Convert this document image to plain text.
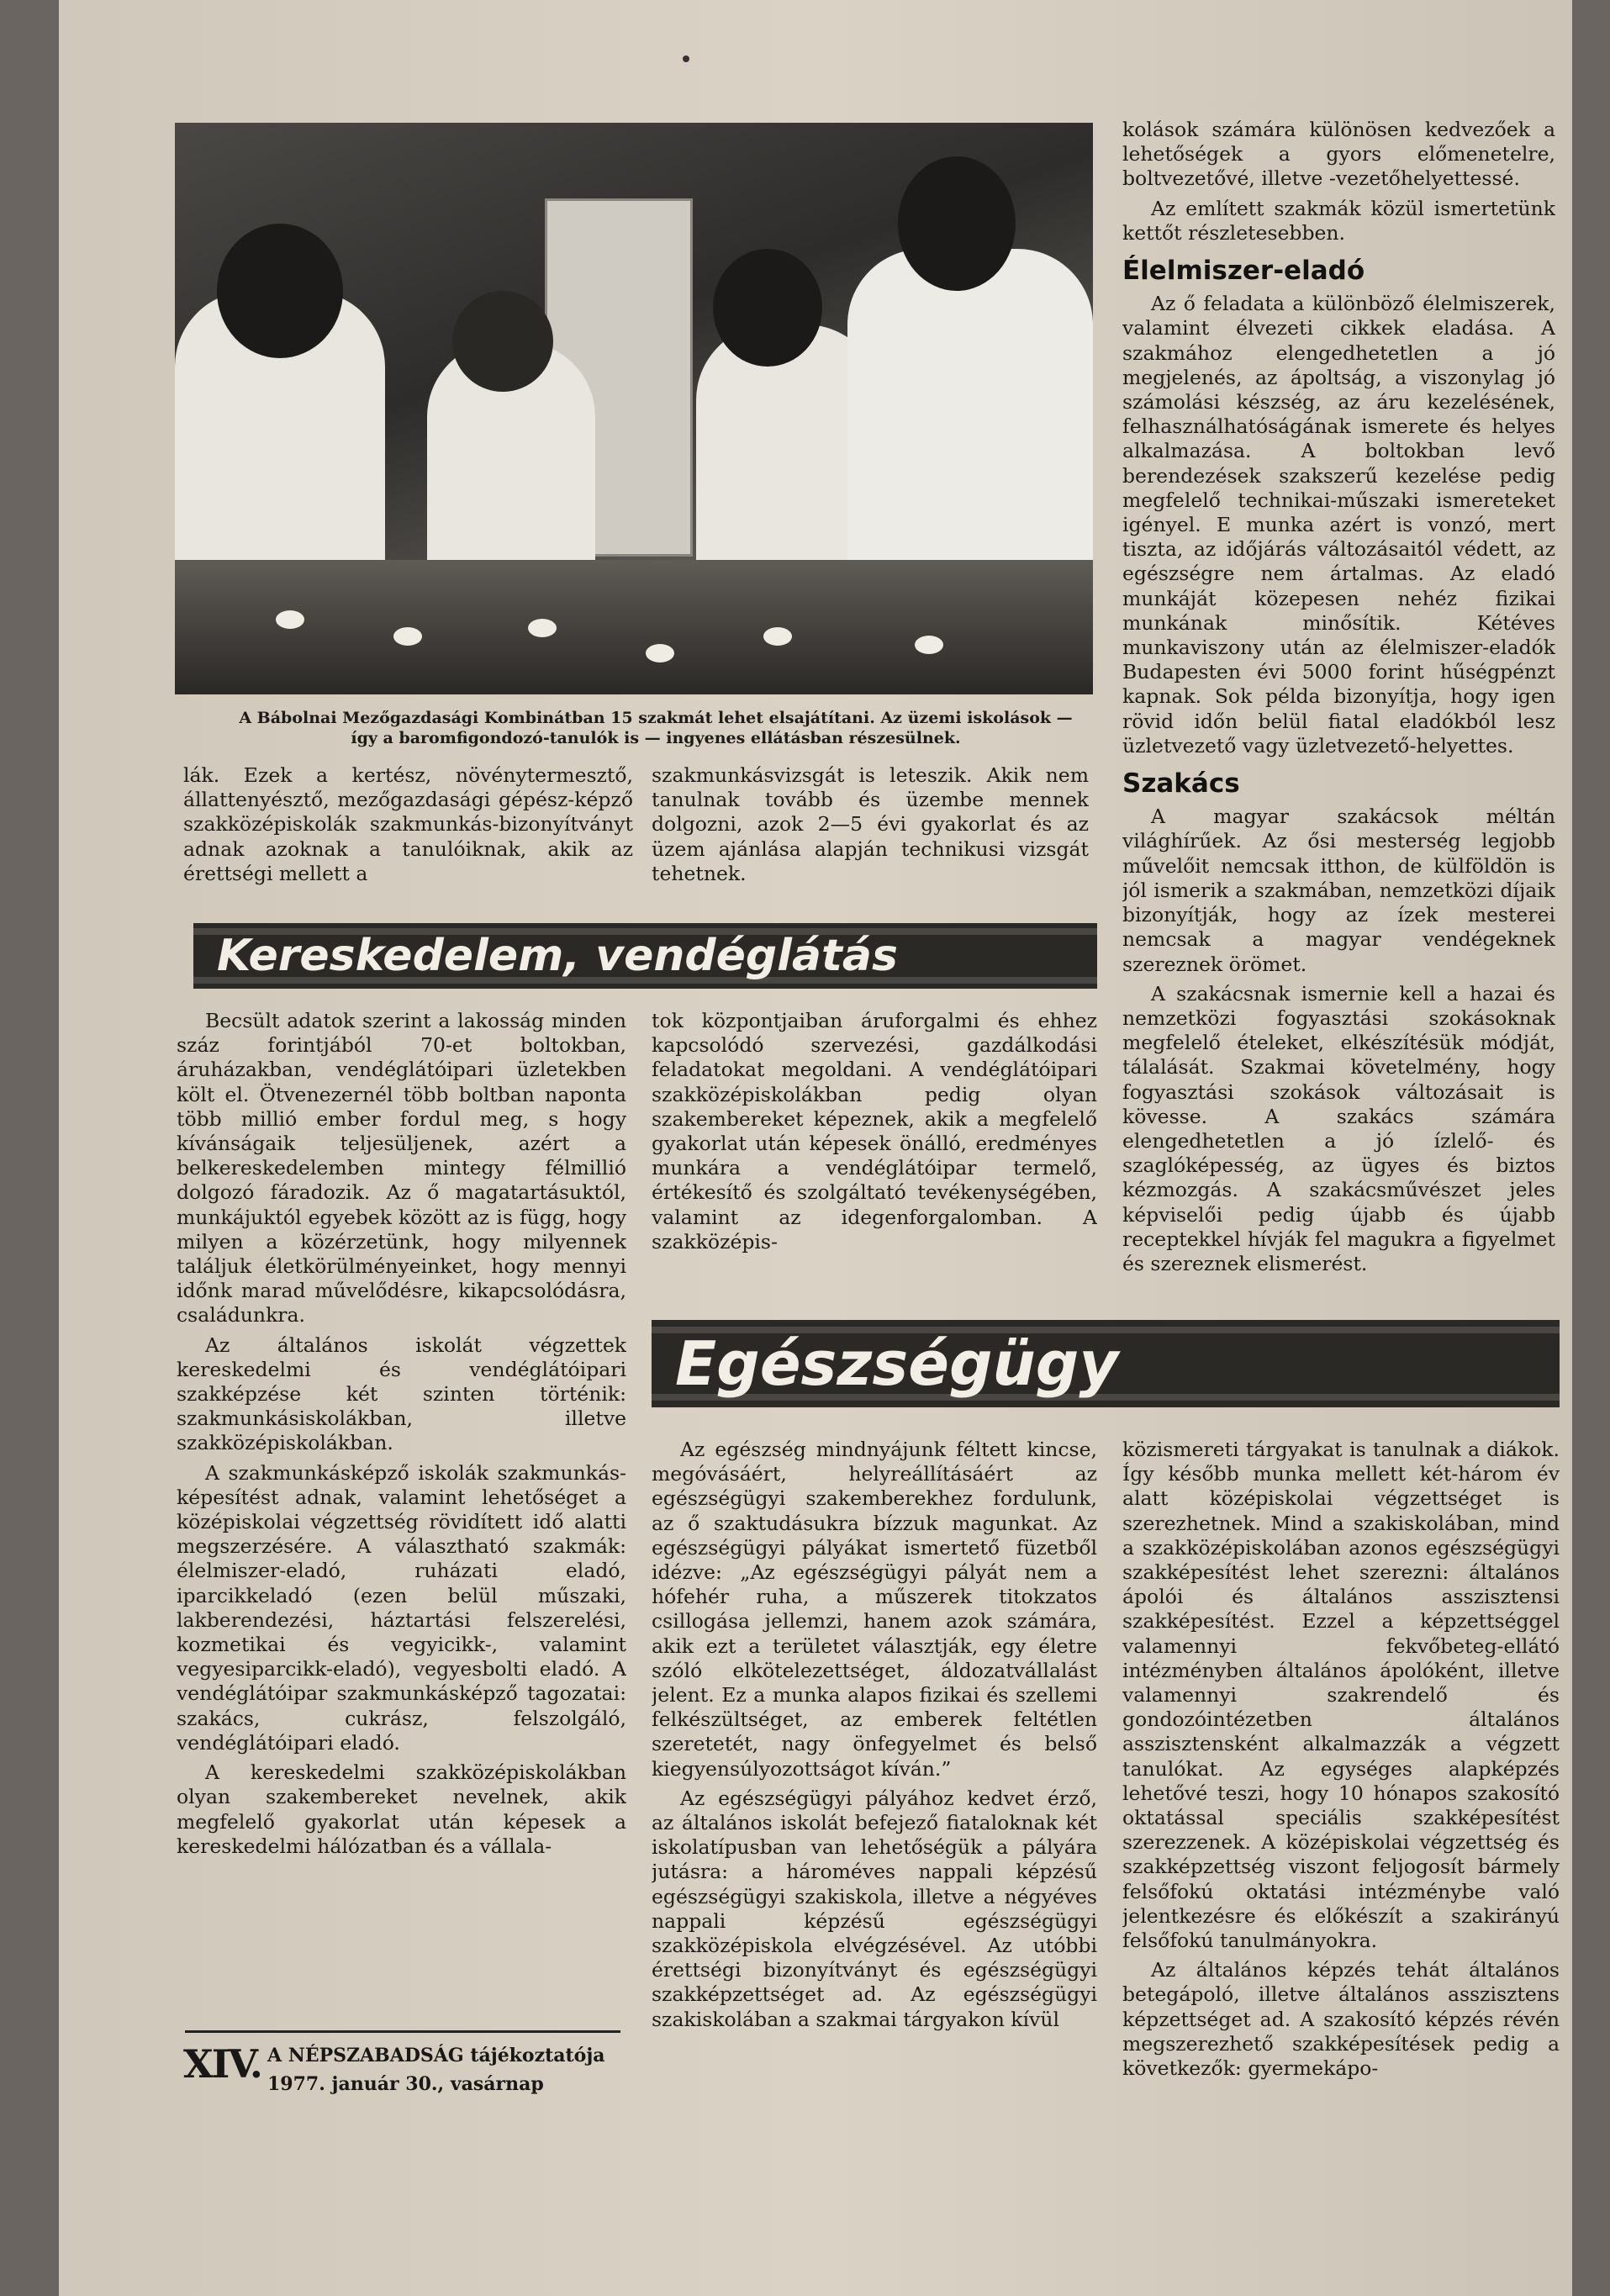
A Bábolnai Mezőgazdasági Kombinátban 15 szakmát lehet elsajátítani. Az üzemi iskolások — így a baromfigondozó-tanulók is — ingyenes ellátásban részesülnek.

lák. Ezek a kertész, növénytermesztő, állattenyésztő, mezőgazdasági gépész-képző szakközépiskolák szakmunkás-bizonyítványt adnak azoknak a tanulóiknak, akik az érettségi mellett a

szakmunkásvizsgát is leteszik. Akik nem tanulnak tovább és üzembe mennek dolgozni, azok 2—5 évi gyakorlat és az üzem ajánlása alapján technikusi vizsgát tehetnek.

kolások számára különösen kedvezőek a lehetőségek a gyors előmenetelre, boltvezetővé, illetve -vezetőhelyettessé.

Az említett szakmák közül ismertetünk kettőt részletesebben.

Élelmiszer-eladó

Az ő feladata a különböző élelmiszerek, valamint élvezeti cikkek eladása. A szakmához elengedhetetlen a jó megjelenés, az ápoltság, a viszonylag jó számolási készség, az áru kezelésének, felhasználhatóságának ismerete és helyes alkalmazása. A boltokban levő berendezések szakszerű kezelése pedig megfelelő technikai-műszaki ismereteket igényel. E munka azért is vonzó, mert tiszta, az időjárás változásaitól védett, az egészségre nem ártalmas. Az eladó munkáját közepesen nehéz fizikai munkának minősítik. Kétéves munkaviszony után az élelmiszer-eladók Budapesten évi 5000 forint hűségpénzt kapnak. Sok példa bizonyítja, hogy igen rövid időn belül fiatal eladókból lesz üzletvezető vagy üzletvezető-helyettes.

Szakács

A magyar szakácsok méltán világhírűek. Az ősi mesterség legjobb művelőit nemcsak itthon, de külföldön is jól ismerik a szakmában, nemzetközi díjaik bizonyítják, hogy az ízek mesterei nemcsak a magyar vendégeknek szereznek örömet.

A szakácsnak ismernie kell a hazai és nemzetközi fogyasztási szokásoknak megfelelő ételeket, elkészítésük módját, tálalását. Szakmai követelmény, hogy fogyasztási szokások változásait is kövesse. A szakács számára elengedhetetlen a jó ízlelő- és szaglóképesség, az ügyes és biztos kézmozgás. A szakácsművészet jeles képviselői pedig újabb és újabb receptekkel hívják fel magukra a figyelmet és szereznek elismerést.

Kereskedelem, vendéglátás

Becsült adatok szerint a lakosság minden száz forintjából 70-et boltokban, áruházakban, vendéglátóipari üzletekben költ el. Ötvenezernél több boltban naponta több millió ember fordul meg, s hogy kívánságaik teljesüljenek, azért a belkereskedelemben mintegy félmillió dolgozó fáradozik. Az ő magatartásuktól, munkájuktól egyebek között az is függ, hogy milyen a közérzetünk, hogy milyennek találjuk életkörülményeinket, hogy mennyi időnk marad művelődésre, kikapcsolódásra, családunkra.

Az általános iskolát végzettek kereskedelmi és vendéglátóipari szakképzése két szinten történik: szakmunkásiskolákban, illetve szakközépiskolákban.

A szakmunkásképző iskolák szakmunkás-képesítést adnak, valamint lehetőséget a középiskolai végzettség rövidített idő alatti megszerzésére. A választható szakmák: élelmiszer-eladó, ruházati eladó, iparcikkeladó (ezen belül műszaki, lakberendezési, háztartási felszerelési, kozmetikai és vegyicikk-, valamint vegyesiparcikk-eladó), vegyesbolti eladó. A vendéglátóipar szakmunkásképző tagozatai: szakács, cukrász, felszolgáló, vendéglátóipari eladó.

A kereskedelmi szakközépiskolákban olyan szakembereket nevelnek, akik megfelelő gyakorlat után képesek a kereskedelmi hálózatban és a vállala-

tok központjaiban áruforgalmi és ehhez kapcsolódó szervezési, gazdálkodási feladatokat megoldani. A vendéglátóipari szakközépiskolákban pedig olyan szakembereket képeznek, akik a megfelelő gyakorlat után képesek önálló, eredményes munkára a vendéglátóipar termelő, értékesítő és szolgáltató tevékenységében, valamint az idegenforgalomban. A szakközépis-

Egészségügy

Az egészség mindnyájunk féltett kincse, megóvásáért, helyreállításáért az egészségügyi szakemberekhez fordulunk, az ő szaktudásukra bízzuk magunkat. Az egészségügyi pályákat ismertető füzetből idézve: „Az egészségügyi pályát nem a hófehér ruha, a műszerek titokzatos csillogása jellemzi, hanem azok számára, akik ezt a területet választják, egy életre szóló elkötelezettséget, áldozatvállalást jelent. Ez a munka alapos fizikai és szellemi felkészültséget, az emberek feltétlen szeretetét, nagy önfegyelmet és belső kiegyensúlyozottságot kíván.”

Az egészségügyi pályához kedvet érző, az általános iskolát befejező fiataloknak két iskolatípusban van lehetőségük a pályára jutásra: a hároméves nappali képzésű egészségügyi szakiskola, illetve a négyéves nappali képzésű egészségügyi szakközépiskola elvégzésével. Az utóbbi érettségi bizonyítványt és egészségügyi szakképzettséget ad. Az egészségügyi szakiskolában a szakmai tárgyakon kívül

közismereti tárgyakat is tanulnak a diákok. Így később munka mellett két-három év alatt középiskolai végzettséget is szerezhetnek. Mind a szakiskolában, mind a szakközépiskolában azonos egészségügyi szakképesítést lehet szerezni: általános ápolói és általános asszisztensi szakképesítést. Ezzel a képzettséggel valamennyi fekvőbeteg-ellátó intézményben általános ápolóként, illetve valamennyi szakrendelő és gondozóintézetben általános asszisztensként alkalmazzák a végzett tanulókat. Az egységes alapképzés lehetővé teszi, hogy 10 hónapos szakosító oktatással speciális szakképesítést szerezzenek. A középiskolai végzettség és szakképzettség viszont feljogosít bármely felsőfokú oktatási intézménybe való jelentkezésre és előkészít a szakirányú felsőfokú tanulmányokra.

Az általános képzés tehát általános betegápoló, illetve általános asszisztens képzettséget ad. A szakosító képzés révén megszerezhető szakképesítések pedig a következők: gyermekápo-

XIV. A NÉPSZABADSÁG tájékoztatója
1977. január 30., vasárnap
